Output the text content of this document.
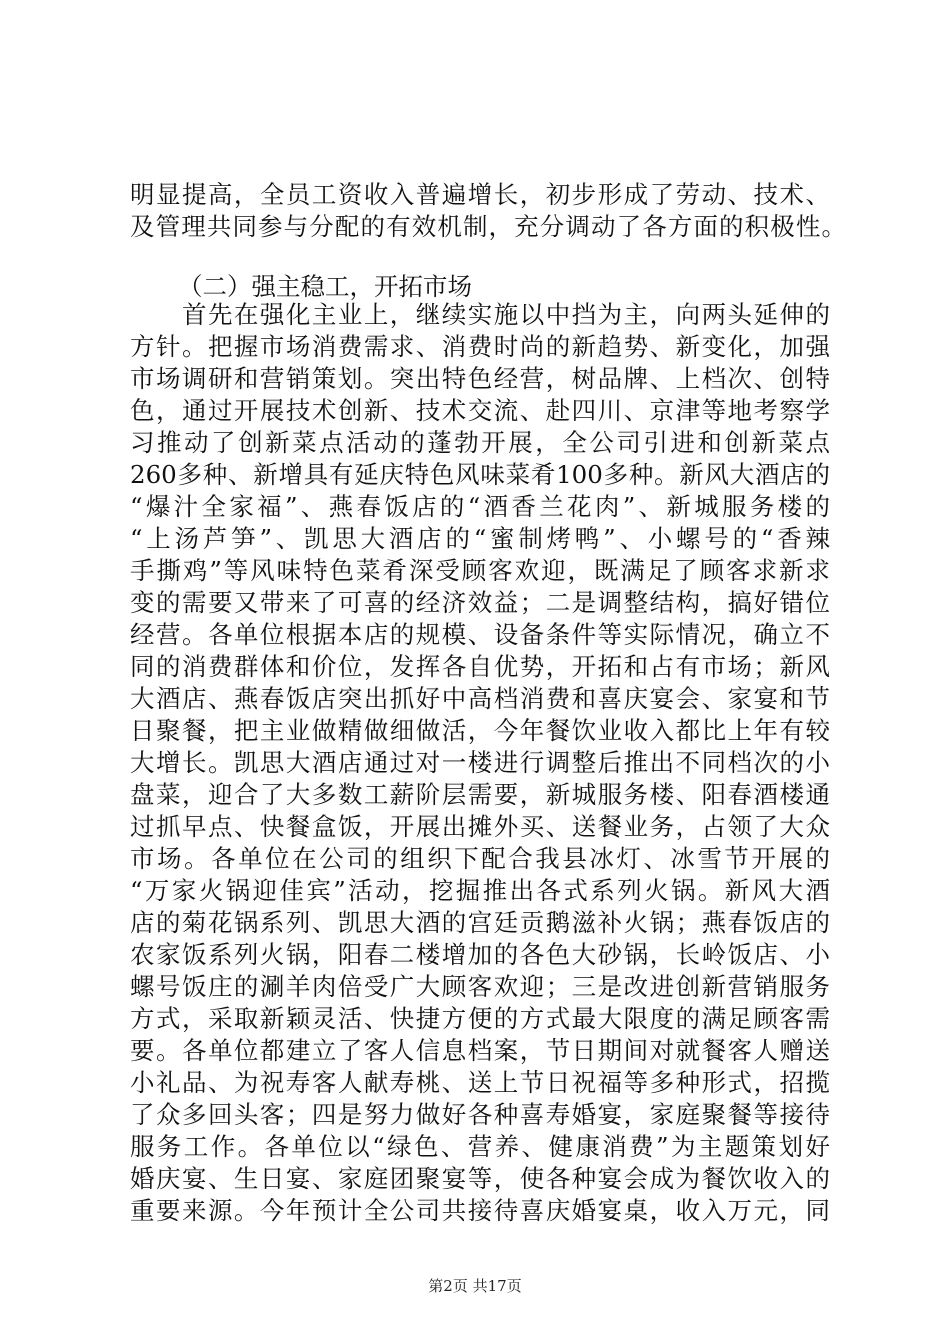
明显提高，全员工资收入普遍增长，初步形成了劳动、技术、
及管理共同参与分配的有效机制，充分调动了各方面的积极性。
（二）强主稳工，开拓市场
　　首先在强化主业上，继续实施以中挡为主，向两头延伸的
方针。把握市场消费需求、消费时尚的新趋势、新变化，加强
市场调研和营销策划。突出特色经营，树品牌、上档次、创特
色，通过开展技术创新、技术交流、赴四川、京津等地考察学
习推动了创新菜点活动的蓬勃开展，全公司引进和创新菜点
260多种、新增具有延庆特色风味菜肴100多种。新风大酒店的
“爆汁全家福”、燕春饭店的“酒香兰花肉”、新城服务楼的
“上汤芦笋”、凯思大酒店的“蜜制烤鸭”、小螺号的“香辣
手撕鸡”等风味特色菜肴深受顾客欢迎，既满足了顾客求新求
变的需要又带来了可喜的经济效益；二是调整结构，搞好错位
经营。各单位根据本店的规模、设备条件等实际情况，确立不
同的消费群体和价位，发挥各自优势，开拓和占有市场；新风
大酒店、燕春饭店突出抓好中高档消费和喜庆宴会、家宴和节
日聚餐，把主业做精做细做活，今年餐饮业收入都比上年有较
大增长。凯思大酒店通过对一楼进行调整后推出不同档次的小
盘菜，迎合了大多数工薪阶层需要，新城服务楼、阳春酒楼通
过抓早点、快餐盒饭，开展出摊外买、送餐业务，占领了大众
市场。各单位在公司的组织下配合我县冰灯、冰雪节开展的
“万家火锅迎佳宾”活动，挖掘推出各式系列火锅。新风大酒
店的菊花锅系列、凯思大酒的宫廷贡鹅滋补火锅；燕春饭店的
农家饭系列火锅，阳春二楼增加的各色大砂锅，长岭饭店、小
螺号饭庄的涮羊肉倍受广大顾客欢迎；三是改进创新营销服务
方式，采取新颖灵活、快捷方便的方式最大限度的满足顾客需
要。各单位都建立了客人信息档案，节日期间对就餐客人赠送
小礼品、为祝寿客人献寿桃、送上节日祝福等多种形式，招揽
了众多回头客；四是努力做好各种喜寿婚宴，家庭聚餐等接待
服务工作。各单位以“绿色、营养、健康消费”为主题策划好
婚庆宴、生日宴、家庭团聚宴等，使各种宴会成为餐饮收入的
重要来源。今年预计全公司共接待喜庆婚宴桌，收入万元，同
第2页 共17页
